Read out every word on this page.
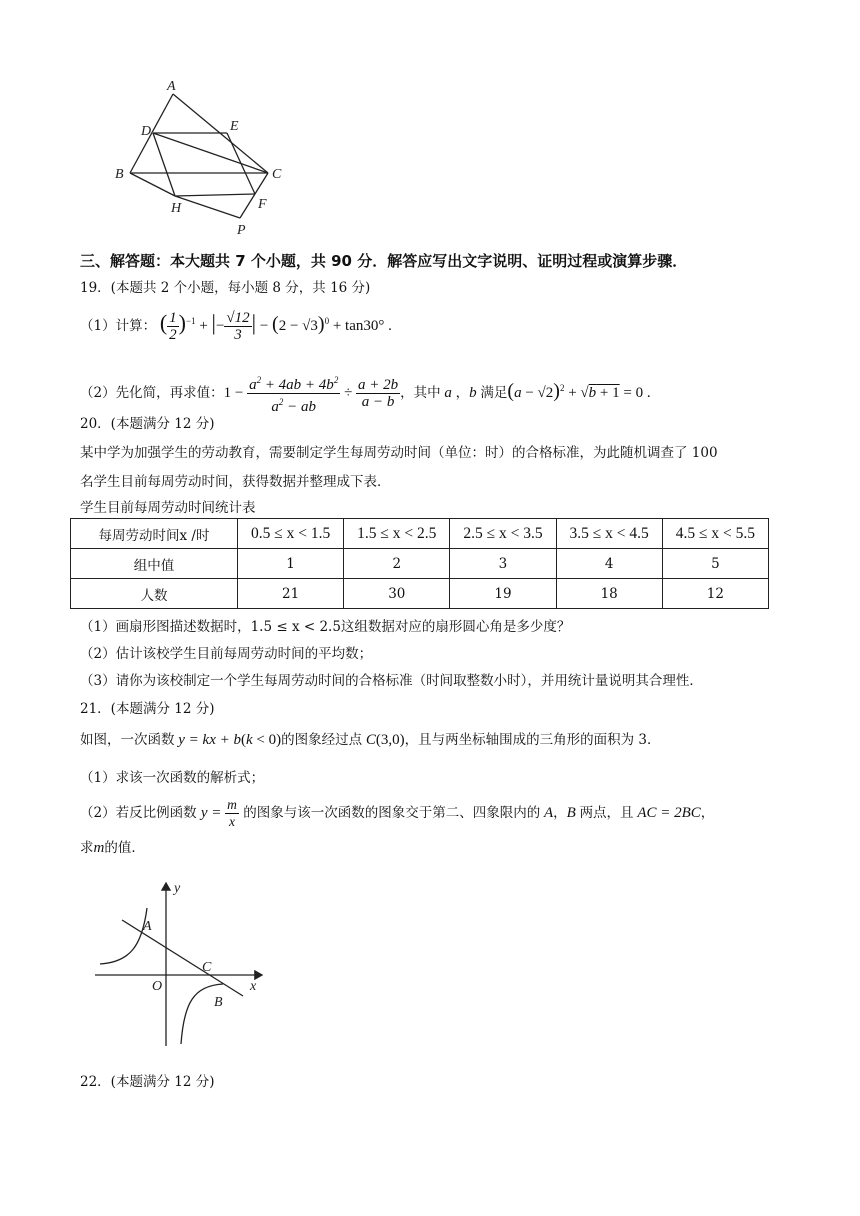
A
B	C
D	E
F
H
P
三、解答题：本大题共 7 个小题，共 90 分．解答应写出文字说明、证明过程或演算步骤．
19．(本题共 2 个小题，每小题 8 分，共 16 分)
（1）计算： ( $\frac{1}{2} )^{-1}$ + |− $\frac{√12}{3}$ | − $(2 - √3)^0 + \tan 30^\circ$ .
（2）先化简，再求值：$1 - \frac{a^2 + 4ab + 4b^2}{a^2 - ab} \div \frac{a + 2b}{a - b}$ ，其中 a ，b 满足$(a - √2)^2 + √b + 1 = 0$ .
20．(本题满分 12 分)
某中学为加强学生的劳动教育，需要制定学生每周劳动时间（单位：时）的合格标准，为此随机调查了 100
名学生目前每周劳动时间，获得数据并整理成下表．
学生目前每周劳动时间统计表
每周劳动时间x /时	0.5 ≤ x < 1.5	1.5 ≤ x < 2.5	2.5 ≤ x < 3.5	3.5 ≤ x < 4.5	4.5 ≤ x < 5.5
组中值	1	2	3	4	5
人数	21	30	19	18	12
（1）画扇形图描述数据时，1.5 ≤ x < 2.5这组数据对应的扇形圆心角是多少度？
（2）估计该校学生目前每周劳动时间的平均数；
（3）请你为该校制定一个学生每周劳动时间的合格标准（时间取整数小时），并用统计量说明其合理性．
21．(本题满分 12 分)
如图，一次函数 y = kx + b(k < 0)的图象经过点 C(3,0)，且与两坐标轴围成的三角形的面积为 3．
（1）求该一次函数的解析式；
（2）若反比例函数 $y = \frac{m}{x}$ 的图象与该一次函数的图象交于第二、四象限内的 A，B 两点，且 AC = 2BC，
求m的值．
y
x
O
A
C
B
22．(本题满分 12 分)
